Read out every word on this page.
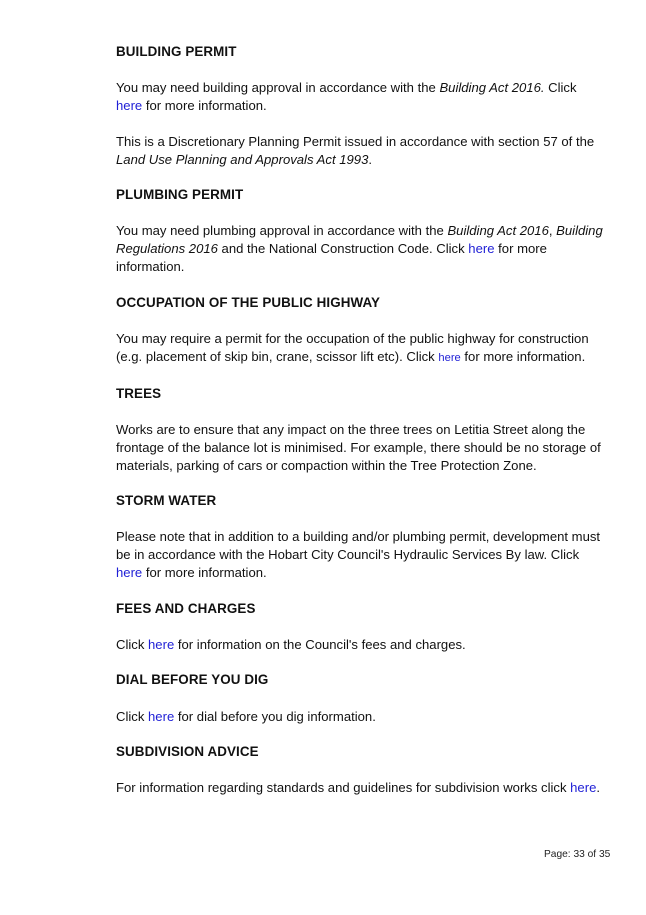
BUILDING PERMIT

You may need building approval in accordance with the Building Act 2016. Click
here for more information.

This is a Discretionary Planning Permit issued in accordance with section 57 of the Land Use Planning and Approvals Act 1993.

PLUMBING PERMIT

You may need plumbing approval in accordance with the Building Act 2016, Building Regulations 2016 and the National Construction Code. Click here for more information.

OCCUPATION OF THE PUBLIC HIGHWAY

You may require a permit for the occupation of the public highway for construction (e.g. placement of skip bin, crane, scissor lift etc). Click here for more information.

TREES

Works are to ensure that any impact on the three trees on Letitia Street along the frontage of the balance lot is minimised. For example, there should be no storage of materials, parking of cars or compaction within the Tree Protection Zone.

STORM WATER

Please note that in addition to a building and/or plumbing permit, development must be in accordance with the Hobart City Council's Hydraulic Services By law. Click here for more information.

FEES AND CHARGES

Click here for information on the Council's fees and charges.

DIAL BEFORE YOU DIG

Click here for dial before you dig information.

SUBDIVISION ADVICE

For information regarding standards and guidelines for subdivision works click here.

Page: 33 of 35
